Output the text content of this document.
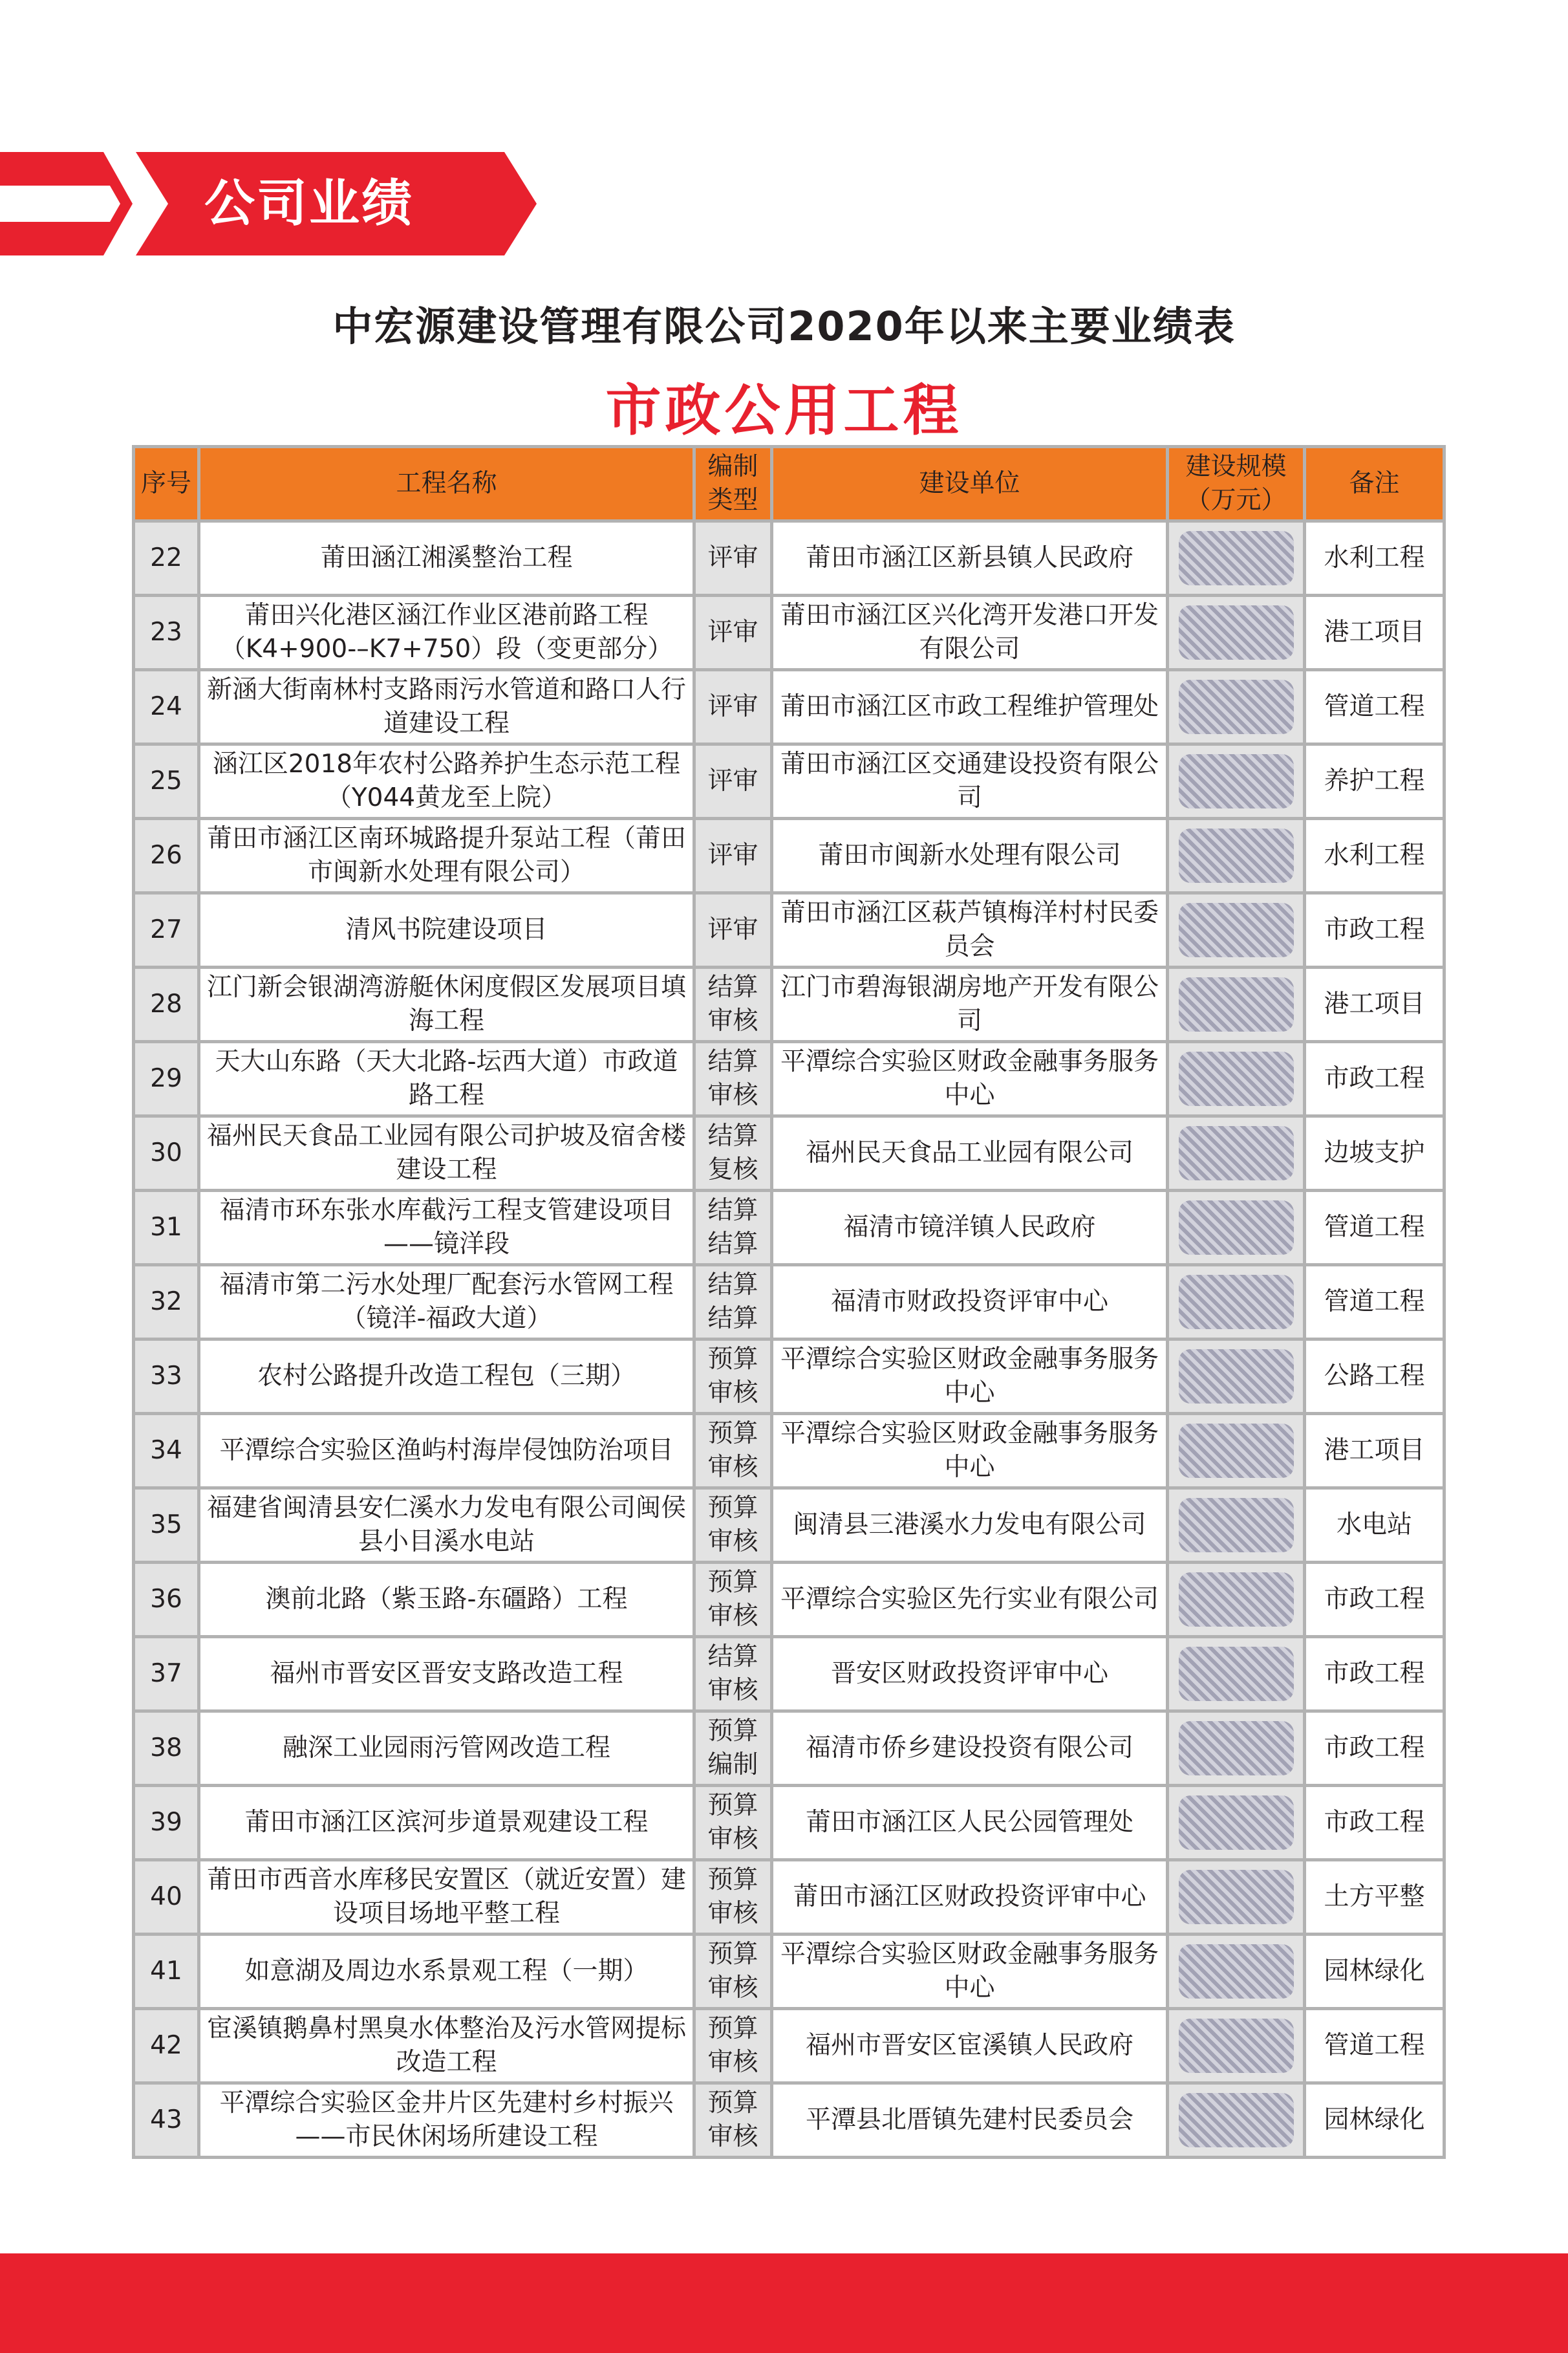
公司业绩
中宏源建设管理有限公司2020年以来主要业绩表
市政公用工程
序号	工程名称	编制类型	建设单位	建设规模（万元）	备注
22	莆田涵江湘溪整治工程	评审	莆田市涵江区新县镇人民政府		水利工程
23	莆田兴化港区涵江作业区港前路工程（K4+900-–K7+750）段（变更部分）	评审	莆田市涵江区兴化湾开发港口开发有限公司		港工项目
24	新涵大街南林村支路雨污水管道和路口人行道建设工程	评审	莆田市涵江区市政工程维护管理处		管道工程
25	涵江区2018年农村公路养护生态示范工程（Y044黄龙至上院）	评审	莆田市涵江区交通建设投资有限公司		养护工程
26	莆田市涵江区南环城路提升泵站工程（莆田市闽新水处理有限公司）	评审	莆田市闽新水处理有限公司		水利工程
27	清风书院建设项目	评审	莆田市涵江区萩芦镇梅洋村村民委员会		市政工程
28	江门新会银湖湾游艇休闲度假区发展项目填海工程	结算审核	江门市碧海银湖房地产开发有限公司		港工项目
29	天大山东路（天大北路-坛西大道）市政道路工程	结算审核	平潭综合实验区财政金融事务服务中心		市政工程
30	福州民天食品工业园有限公司护坡及宿舍楼建设工程	结算复核	福州民天食品工业园有限公司		边坡支护
31	福清市环东张水库截污工程支管建设项目——镜洋段	结算结算	福清市镜洋镇人民政府		管道工程
32	福清市第二污水处理厂配套污水管网工程（镜洋-福政大道）	结算结算	福清市财政投资评审中心		管道工程
33	农村公路提升改造工程包（三期）	预算审核	平潭综合实验区财政金融事务服务中心		公路工程
34	平潭综合实验区渔屿村海岸侵蚀防治项目	预算审核	平潭综合实验区财政金融事务服务中心		港工项目
35	福建省闽清县安仁溪水力发电有限公司闽侯县小目溪水电站	预算审核	闽清县三港溪水力发电有限公司		水电站
36	澳前北路（紫玉路-东礓路）工程	预算审核	平潭综合实验区先行实业有限公司		市政工程
37	福州市晋安区晋安支路改造工程	结算审核	晋安区财政投资评审中心		市政工程
38	融深工业园雨污管网改造工程	预算编制	福清市侨乡建设投资有限公司		市政工程
39	莆田市涵江区滨河步道景观建设工程	预算审核	莆田市涵江区人民公园管理处		市政工程
40	莆田市西音水库移民安置区（就近安置）建设项目场地平整工程	预算审核	莆田市涵江区财政投资评审中心		土方平整
41	如意湖及周边水系景观工程（一期）	预算审核	平潭综合实验区财政金融事务服务中心		园林绿化
42	宦溪镇鹅鼻村黑臭水体整治及污水管网提标改造工程	预算审核	福州市晋安区宦溪镇人民政府		管道工程
43	平潭综合实验区金井片区先建村乡村振兴——市民休闲场所建设工程	预算审核	平潭县北厝镇先建村民委员会		园林绿化
